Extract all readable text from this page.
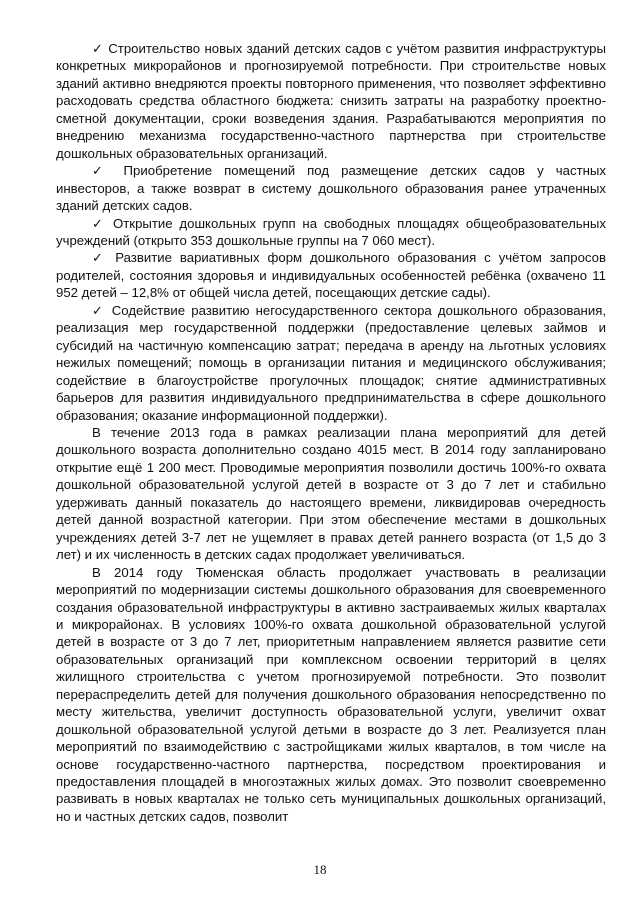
✓ Строительство новых зданий детских садов с учётом развития инфраструктуры конкретных микрорайонов и прогнозируемой потребности. При строительстве новых зданий активно внедряются проекты повторного применения, что позволяет эффективно расходовать средства областного бюджета: снизить затраты на разработку проектно-сметной документации, сроки возведения здания. Разрабатываются мероприятия по внедрению механизма государственно-частного партнерства при строительстве дошкольных образовательных организаций.

✓ Приобретение помещений под размещение детских садов у частных инвесторов, а также возврат в систему дошкольного образования ранее утраченных зданий детских садов.

✓ Открытие дошкольных групп на свободных площадях общеобразовательных учреждений (открыто 353 дошкольные группы на 7 060 мест).

✓ Развитие вариативных форм дошкольного образования с учётом запросов родителей, состояния здоровья и индивидуальных особенностей ребёнка (охвачено 11 952 детей – 12,8% от общей числа детей, посещающих детские сады).

✓ Содействие развитию негосударственного сектора дошкольного образования, реализация мер государственной поддержки (предоставление целевых займов и субсидий на частичную компенсацию затрат; передача в аренду на льготных условиях нежилых помещений; помощь в организации питания и медицинского обслуживания; содействие в благоустройстве прогулочных площадок; снятие административных барьеров для развития индивидуального предпринимательства в сфере дошкольного образования; оказание информационной поддержки).

В течение 2013 года в рамках реализации плана мероприятий для детей дошкольного возраста дополнительно создано 4015 мест. В 2014 году запланировано открытие ещё 1 200 мест. Проводимые мероприятия позволили достичь 100%-го охвата дошкольной образовательной услугой детей в возрасте от 3 до 7 лет и стабильно удерживать данный показатель до настоящего времени, ликвидировав очередность детей данной возрастной категории. При этом обеспечение местами в дошкольных учреждениях детей 3-7 лет не ущемляет в правах детей раннего возраста (от 1,5 до 3 лет) и их численность в детских садах продолжает увеличиваться.

В 2014 году Тюменская область продолжает участвовать в реализации мероприятий по модернизации системы дошкольного образования для своевременного создания образовательной инфраструктуры в активно застраиваемых жилых кварталах и микрорайонах. В условиях 100%-го охвата дошкольной образовательной услугой детей в возрасте от 3 до 7 лет, приоритетным направлением является развитие сети образовательных организаций при комплексном освоении территорий в целях жилищного строительства с учетом прогнозируемой потребности. Это позволит перераспределить детей для получения дошкольного образования непосредственно по месту жительства, увеличит доступность образовательной услуги, увеличит охват дошкольной образовательной услугой детьми в возрасте до 3 лет. Реализуется план мероприятий по взаимодействию с застройщиками жилых кварталов, в том числе на основе государственно-частного партнерства, посредством проектирования и предоставления площадей в многоэтажных жилых домах. Это позволит своевременно развивать в новых кварталах не только сеть муниципальных дошкольных организаций, но и частных детских садов, позволит

18
